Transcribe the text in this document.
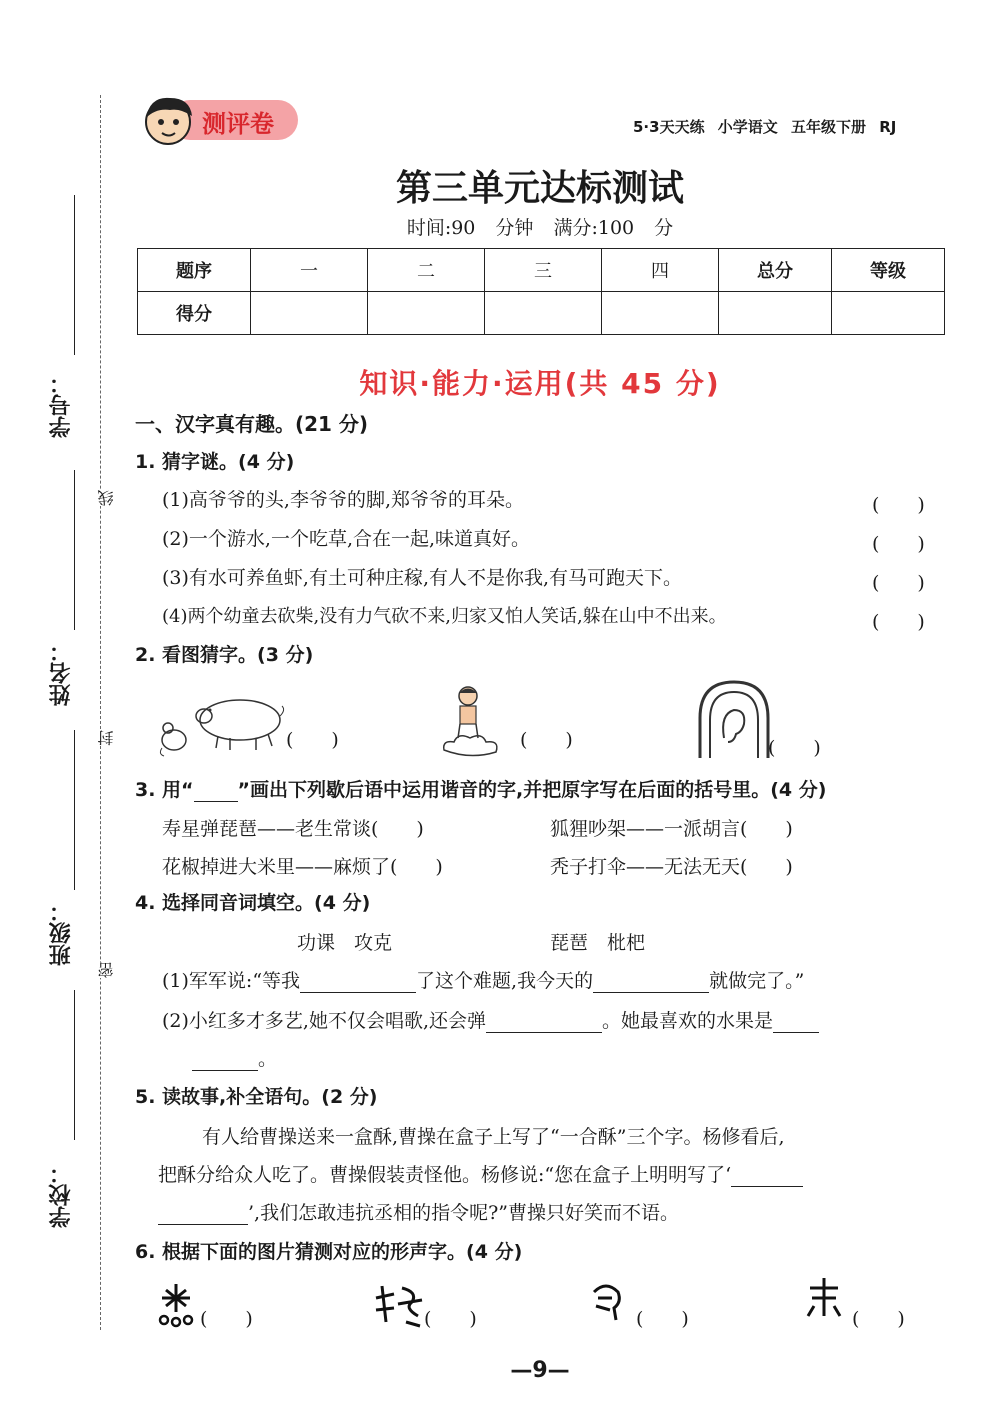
学号：
姓名：
班级：
学校：
线
封
密
测评卷	5·3天天练 小学语文 五年级下册 RJ
第三单元达标测试
时间:90 分钟 满分:100 分
题序	一	二	三	四	总分	等级
得分						
知识·能力·运用(共 45 分)
一、汉字真有趣。(21 分)
1. 猜字谜。(4 分)
(1)高爷爷的头,李爷爷的脚,郑爷爷的耳朵。	(　　)
(2)一个游水,一个吃草,合在一起,味道真好。	(　　)
(3)有水可养鱼虾,有土可种庄稼,有人不是你我,有马可跑天下。	(　　)
(4)两个幼童去砍柴,没有力气砍不来,归家又怕人笑话,躲在山中不出来。	(　　)
2. 看图猜字。(3 分)
(　　)	(　　)	(　　)
3. 用“ ”画出下列歇后语中运用谐音的字,并把原字写在后面的括号里。(4 分)
寿星弹琵琶——老生常谈(　　)	狐狸吵架——一派胡言(　　)
花椒掉进大米里——麻烦了(　　)	秃子打伞——无法无天(　　)
4. 选择同音词填空。(4 分)
功课　攻克	琵琶　枇杷
(1)军军说:“等我	了这个难题,我今天的	就做完了。”
(2)小红多才多艺,她不仅会唱歌,还会弹	。她最喜欢的水果是
。
5. 读故事,补全语句。(2 分)
有人给曹操送来一盒酥,曹操在盒子上写了“一合酥”三个字。杨修看后,
把酥分给众人吃了。曹操假装责怪他。杨修说:“您在盒子上明明写了‘
’,我们怎敢违抗丞相的指令呢?”曹操只好笑而不语。
6. 根据下面的图片猜测对应的形声字。(4 分)
(　　)	(　　)	(　　)	(　　)
—9—
